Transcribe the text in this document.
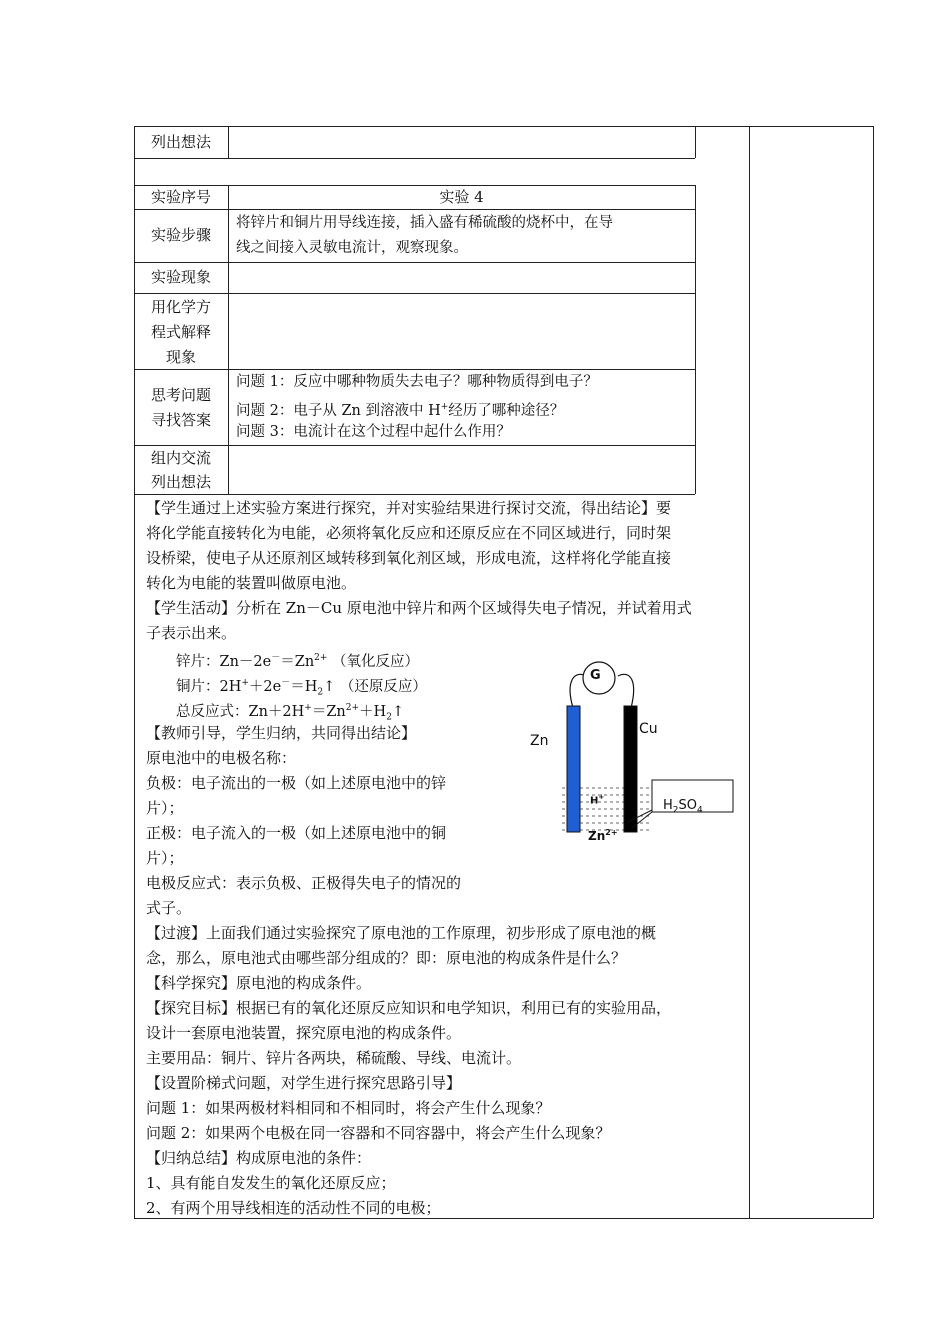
列出想法
实验序号	实验 4
实验步骤
将锌片和铜片用导线连接，插入盛有稀硫酸的烧杯中，在导
线之间接入灵敏电流计，观察现象。
实验现象
用化学方
程式解释
现象
思考问题
寻找答案
问题 1：反应中哪种物质失去电子？哪种物质得到电子？
问题 2：电子从 Zn 到溶液中 H+经历了哪种途径？
问题 3：电流计在这个过程中起什么作用？
组内交流
列出想法
【学生通过上述实验方案进行探究，并对实验结果进行探讨交流，得出结论】要
将化学能直接转化为电能，必须将氧化反应和还原反应在不同区域进行，同时架
设桥梁，使电子从还原剂区域转移到氧化剂区域，形成电流，这样将化学能直接
转化为电能的装置叫做原电池。
【学生活动】分析在 Zn－Cu 原电池中锌片和两个区域得失电子情况，并试着用式
子表示出来。
锌片：$Zn-2e^-=Zn^{2+}$ （氧化反应）
铜片：$2H^++2e^-=H_2↑$ （还原反应）
总反应式：$Zn+2H^+=Zn^{2+}+H_2↑$
【教师引导，学生归纳，共同得出结论】
原电池中的电极名称：
负极：电子流出的一极（如上述原电池中的锌
片）；
正极：电子流入的一极（如上述原电池中的铜
片）；
电极反应式：表示负极、正极得失电子的情况的
式子。
【过渡】上面我们通过实验探究了原电池的工作原理，初步形成了原电池的概
念，那么，原电池式由哪些部分组成的？即：原电池的构成条件是什么？
【科学探究】原电池的构成条件。
【探究目标】根据已有的氧化还原反应知识和电学知识，利用已有的实验用品，
设计一套原电池装置，探究原电池的构成条件。
主要用品：铜片、锌片各两块，稀硫酸、导线、电流计。
【设置阶梯式问题，对学生进行探究思路引导】
问题 1：如果两极材料相同和不相同时，将会产生什么现象？
问题 2：如果两个电极在同一容器和不同容器中，将会产生什么现象？
【归纳总结】构成原电池的条件：
1、具有能自发发生的氧化还原反应；
2、有两个用导线相连的活动性不同的电极；
G
Zn
Cu
H+
$H_2SO_4$
$Zn^{2+}$
